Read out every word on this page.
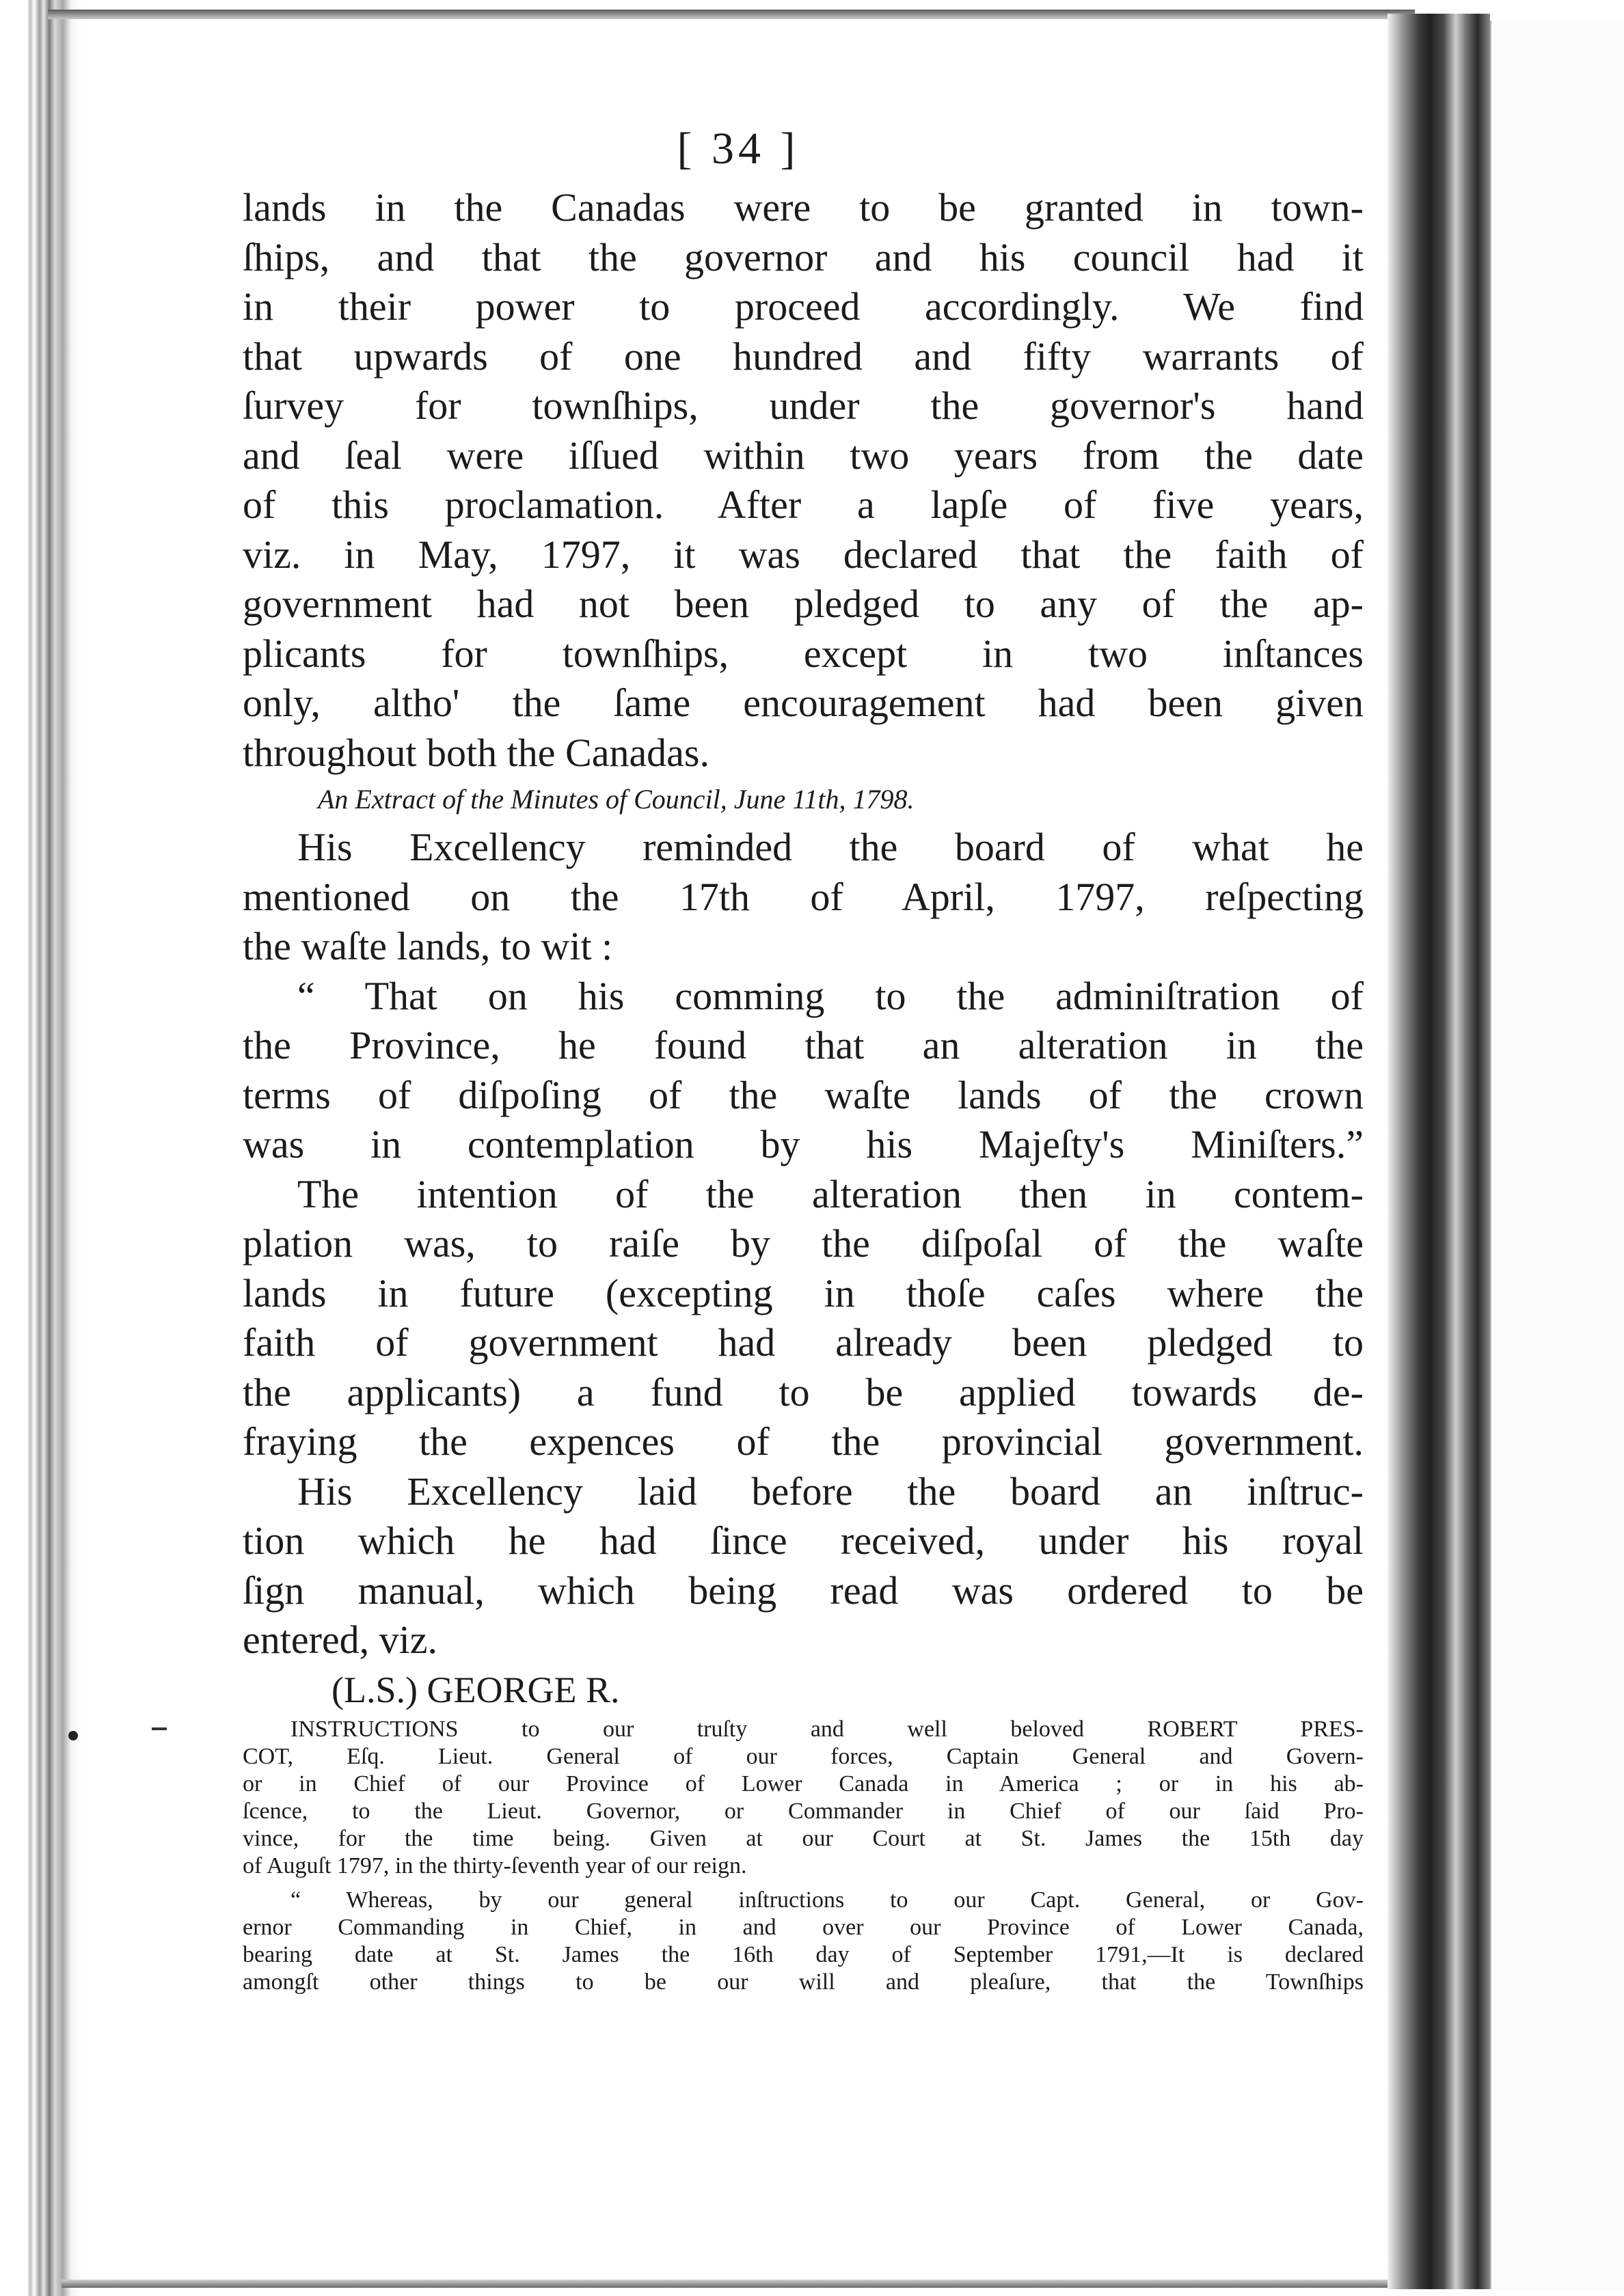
[ 34 ]
lands in the Canadas were to be granted in town-
ſhips, and that the governor and his council had it
in their power to proceed accordingly. We find
that upwards of one hundred and fifty warrants of
ſurvey for townſhips, under the governor's hand
and ſeal were iſſued within two years from the date
of this proclamation. After a lapſe of five years,
viz. in May, 1797, it was declared that the faith of
government had not been pledged to any of the ap-
plicants for townſhips, except in two inſtances
only, altho' the ſame encouragement had been given
throughout both the Canadas.
An Extract of the Minutes of Council, June 11th, 1798.
His Excellency reminded the board of what he
mentioned on the 17th of April, 1797, reſpecting
the waſte lands, to wit :
“ That on his comming to the adminiſtration of
the Province, he found that an alteration in the
terms of diſpoſing of the waſte lands of the crown
was in contemplation by his Majeſty's Miniſters.”
The intention of the alteration then in contem-
plation was, to raiſe by the diſpoſal of the waſte
lands in future (excepting in thoſe caſes where the
faith of government had already been pledged to
the applicants) a fund to be applied towards de-
fraying the expences of the provincial government.
His Excellency laid before the board an inſtruc-
tion which he had ſince received, under his royal
ſign manual, which being read was ordered to be
entered, viz.
(L.S.) GEORGE R.
INSTRUCTIONS to our truſty and well beloved ROBERT PRES-
COT, Eſq. Lieut. General of our forces, Captain General and Govern-
or in Chief of our Province of Lower Canada in America ; or in his ab-
ſcence, to the Lieut. Governor, or Commander in Chief of our ſaid Pro-
vince, for the time being. Given at our Court at St. James the 15th day
of Auguſt 1797, in the thirty-ſeventh year of our reign.
“ Whereas, by our general inſtructions to our Capt. General, or Gov-
ernor Commanding in Chief, in and over our Province of Lower Canada,
bearing date at St. James the 16th day of September 1791,—It is declared
amongſt other things to be our will and pleaſure, that the Townſhips
